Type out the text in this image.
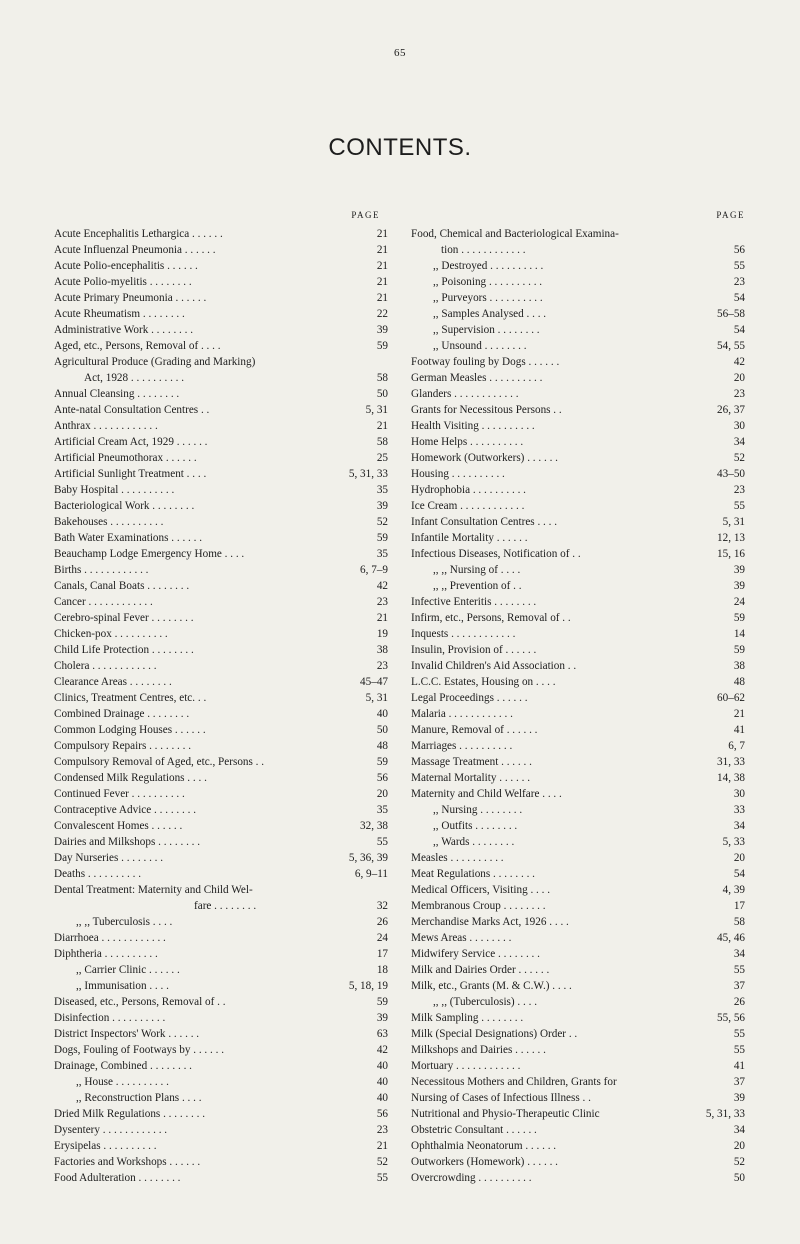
65
CONTENTS.
PAGE
Acute Encephalitis Lethargica . . . . . .	21
Acute Influenzal Pneumonia . . . . . .	21
Acute Polio-encephalitis . . . . . .	21
Acute Polio-myelitis . . . . . . . .	21
Acute Primary Pneumonia . . . . . .	21
Acute Rheumatism . . . . . . . .	22
Administrative Work . . . . . . . .	39
Aged, etc., Persons, Removal of . . . .	59
Agricultural Produce (Grading and Marking)
Act, 1928 . . . . . . . . . .	58
Annual Cleansing . . . . . . . .	50
Ante-natal Consultation Centres . .	5, 31
Anthrax . . . . . . . . . . . .	21
Artificial Cream Act, 1929 . . . . . .	58
Artificial Pneumothorax . . . . . .	25
Artificial Sunlight Treatment . . . .	5, 31, 33
Baby Hospital . . . . . . . . . .	35
Bacteriological Work . . . . . . . .	39
Bakehouses . . . . . . . . . .	52
Bath Water Examinations . . . . . .	59
Beauchamp Lodge Emergency Home . . . .	35
Births . . . . . . . . . . . .	6, 7–9
Canals, Canal Boats . . . . . . . .	42
Cancer . . . . . . . . . . . .	23
Cerebro-spinal Fever . . . . . . . .	21
Chicken-pox . . . . . . . . . .	19
Child Life Protection . . . . . . . .	38
Cholera . . . . . . . . . . . .	23
Clearance Areas . . . . . . . .	45–47
Clinics, Treatment Centres, etc. . .	5, 31
Combined Drainage . . . . . . . .	40
Common Lodging Houses . . . . . .	50
Compulsory Repairs . . . . . . . .	48
Compulsory Removal of Aged, etc., Persons . .	59
Condensed Milk Regulations . . . .	56
Continued Fever . . . . . . . . . .	20
Contraceptive Advice . . . . . . . .	35
Convalescent Homes . . . . . .	32, 38
Dairies and Milkshops . . . . . . . .	55
Day Nurseries . . . . . . . .	5, 36, 39
Deaths . . . . . . . . . .	6, 9–11
Dental Treatment: Maternity and Child Wel-
fare . . . . . . . .	32
,, ,, Tuberculosis . . . .	26
Diarrhoea . . . . . . . . . . . .	24
Diphtheria . . . . . . . . . .	17
,, Carrier Clinic . . . . . .	18
,, Immunisation . . . .	5, 18, 19
Diseased, etc., Persons, Removal of . .	59
Disinfection . . . . . . . . . .	39
District Inspectors' Work . . . . . .	63
Dogs, Fouling of Footways by . . . . . .	42
Drainage, Combined . . . . . . . .	40
,, House . . . . . . . . . .	40
,, Reconstruction Plans . . . .	40
Dried Milk Regulations . . . . . . . .	56
Dysentery . . . . . . . . . . . .	23
Erysipelas . . . . . . . . . .	21
Factories and Workshops . . . . . .	52
Food Adulteration . . . . . . . .	55
PAGE
Food, Chemical and Bacteriological Examina-
tion . . . . . . . . . . . .	56
,, Destroyed . . . . . . . . . .	55
,, Poisoning . . . . . . . . . .	23
,, Purveyors . . . . . . . . . .	54
,, Samples Analysed . . . .	56–58
,, Supervision . . . . . . . .	54
,, Unsound . . . . . . . .	54, 55
Footway fouling by Dogs . . . . . .	42
German Measles . . . . . . . . . .	20
Glanders . . . . . . . . . . . .	23
Grants for Necessitous Persons . .	26, 37
Health Visiting . . . . . . . . . .	30
Home Helps . . . . . . . . . .	34
Homework (Outworkers) . . . . . .	52
Housing . . . . . . . . . .	43–50
Hydrophobia . . . . . . . . . .	23
Ice Cream . . . . . . . . . . . .	55
Infant Consultation Centres . . . .	5, 31
Infantile Mortality . . . . . .	12, 13
Infectious Diseases, Notification of . .	15, 16
,, ,, Nursing of . . . .	39
,, ,, Prevention of . .	39
Infective Enteritis . . . . . . . .	24
Infirm, etc., Persons, Removal of . .	59
Inquests . . . . . . . . . . . .	14
Insulin, Provision of . . . . . .	59
Invalid Children's Aid Association . .	38
L.C.C. Estates, Housing on . . . .	48
Legal Proceedings . . . . . .	60–62
Malaria . . . . . . . . . . . .	21
Manure, Removal of . . . . . .	41
Marriages . . . . . . . . . .	6, 7
Massage Treatment . . . . . .	31, 33
Maternal Mortality . . . . . .	14, 38
Maternity and Child Welfare . . . .	30
,, Nursing . . . . . . . .	33
,, Outfits . . . . . . . .	34
,, Wards . . . . . . . .	5, 33
Measles . . . . . . . . . .	20
Meat Regulations . . . . . . . .	54
Medical Officers, Visiting . . . .	4, 39
Membranous Croup . . . . . . . .	17
Merchandise Marks Act, 1926 . . . .	58
Mews Areas . . . . . . . .	45, 46
Midwifery Service . . . . . . . .	34
Milk and Dairies Order . . . . . .	55
Milk, etc., Grants (M. & C.W.) . . . .	37
,, ,, (Tuberculosis) . . . .	26
Milk Sampling . . . . . . . .	55, 56
Milk (Special Designations) Order . .	55
Milkshops and Dairies . . . . . .	55
Mortuary . . . . . . . . . . . .	41
Necessitous Mothers and Children, Grants for	37
Nursing of Cases of Infectious Illness . .	39
Nutritional and Physio-Therapeutic Clinic	5, 31, 33
Obstetric Consultant . . . . . .	34
Ophthalmia Neonatorum . . . . . .	20
Outworkers (Homework) . . . . . .	52
Overcrowding . . . . . . . . . .	50
